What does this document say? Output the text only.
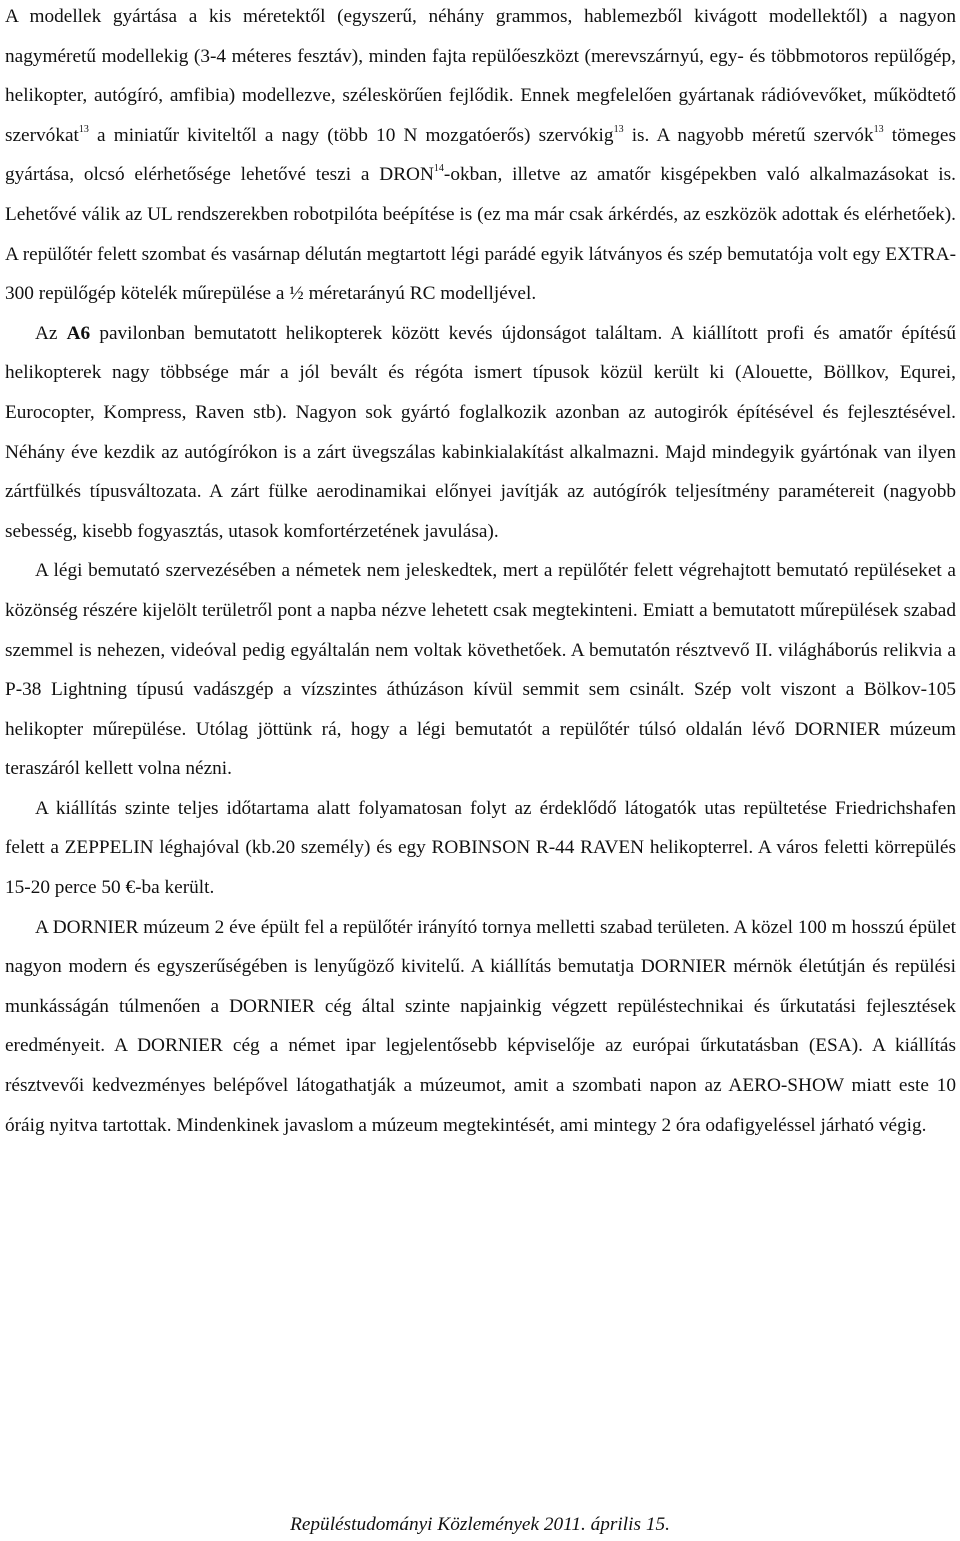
A modellek gyártása a kis méretektől (egyszerű, néhány grammos, hablemezből kivágott modellektől) a nagyon nagyméretű modellekig (3-4 méteres fesztáv), minden fajta repülőeszközt (merevszárnyú, egy- és többmotoros repülőgép, helikopter, autógíró, amfibia) modellezve, széleskörűen fejlődik. Ennek megfelelően gyártanak rádióvevőket, működtető szervókat$^{13}$ a miniatűr kiviteltől a nagy (több 10 N mozgatóerős) szervókig$^{13}$ is. A nagyobb méretű szervók$^{13}$ tömeges gyártása, olcsó elérhetősége lehetővé teszi a DRON$^{14}$-okban, illetve az amatőr kisgépekben való alkalmazásokat is. Lehetővé válik az UL rendszerekben robotpilóta beépítése is (ez ma már csak árkérdés, az eszközök adottak és elérhetőek). A repülőtér felett szombat és vasárnap délután megtartott légi parádé egyik látványos és szép bemutatója volt egy EXTRA-300 repülőgép kötelék műrepülése a ½ méretarányú RC modelljével.

Az A6 pavilonban bemutatott helikopterek között kevés újdonságot találtam. A kiállított profi és amatőr építésű helikopterek nagy többsége már a jól bevált és régóta ismert típusok közül került ki (Alouette, Böllkov, Equrei, Eurocopter, Kompress, Raven stb). Nagyon sok gyártó foglalkozik azonban az autogirók építésével és fejlesztésével. Néhány éve kezdik az autógírókon is a zárt üvegszálas kabinkialakítást alkalmazni. Majd mindegyik gyártónak van ilyen zártfülkés típusváltozata. A zárt fülke aerodinamikai előnyei javítják az autógírók teljesítmény paramétereit (nagyobb sebesség, kisebb fogyasztás, utasok komfortérzetének javulása).

A légi bemutató szervezésében a németek nem jeleskedtek, mert a repülőtér felett végrehajtott bemutató repüléseket a közönség részére kijelölt területről pont a napba nézve lehetett csak megtekinteni. Emiatt a bemutatott műrepülések szabad szemmel is nehezen, videóval pedig egyáltalán nem voltak követhetőek. A bemutatón résztvevő II. világháborús relikvia a P-38 Lightning típusú vadászgép a vízszintes áthúzáson kívül semmit sem csinált. Szép volt viszont a Bölkov-105 helikopter műrepülése. Utólag jöttünk rá, hogy a légi bemutatót a repülőtér túlsó oldalán lévő DORNIER múzeum teraszáról kellett volna nézni.

A kiállítás szinte teljes időtartama alatt folyamatosan folyt az érdeklődő látogatók utas repültetése Friedrichshafen felett a ZEPPELIN léghajóval (kb.20 személy) és egy ROBINSON R-44 RAVEN helikopterrel. A város feletti körrepülés 15-20 perce 50 €-ba került.

A DORNIER múzeum 2 éve épült fel a repülőtér irányító tornya melletti szabad területen. A közel 100 m hosszú épület nagyon modern és egyszerűségében is lenyűgöző kivitelű. A kiállítás bemutatja DORNIER mérnök életútján és repülési munkásságán túlmenően a DORNIER cég által szinte napjainkig végzett repüléstechnikai és űrkutatási fejlesztések eredményeit. A DORNIER cég a német ipar legjelentősebb képviselője az európai űrkutatásban (ESA). A kiállítás résztvevői kedvezményes belépővel látogathatják a múzeumot, amit a szombati napon az AERO-SHOW miatt este 10 óráig nyitva tartottak. Mindenkinek javaslom a múzeum megtekintését, ami mintegy 2 óra odafigyeléssel járható végig.

Repüléstudományi Közlemények 2011. április 15.
